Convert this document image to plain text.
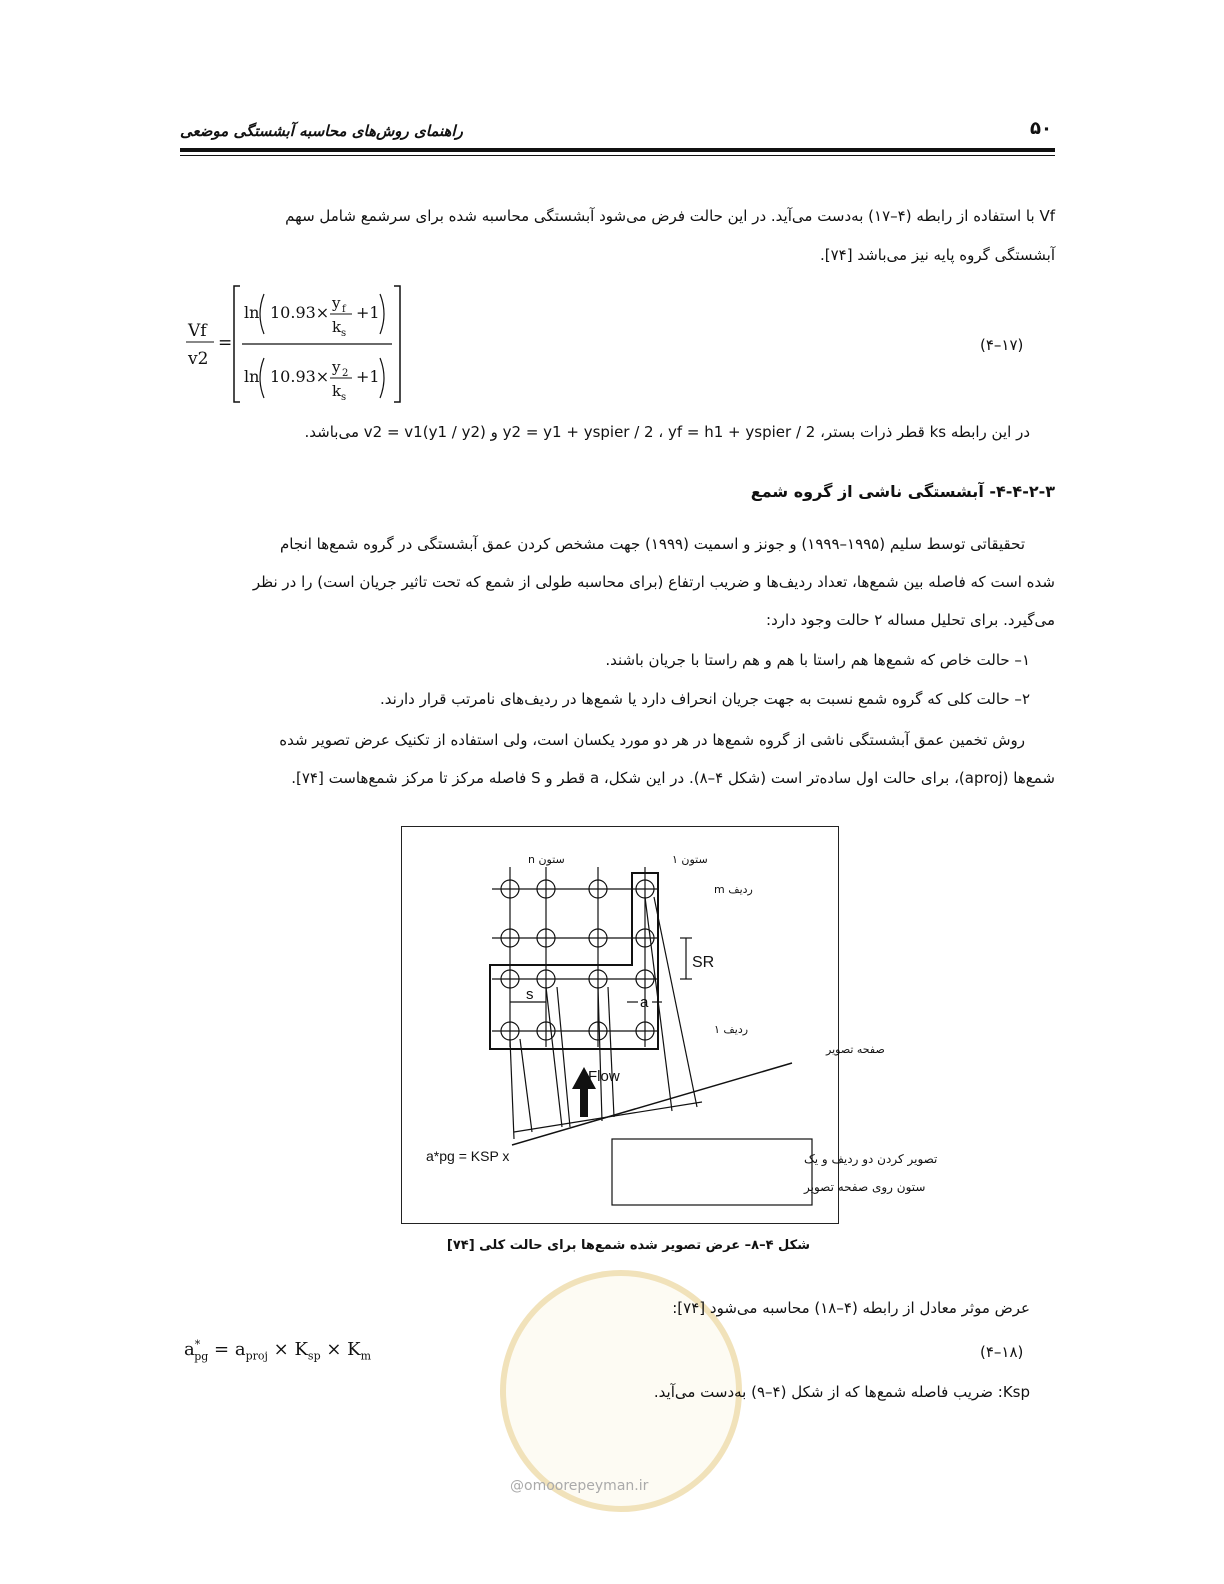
راهنمای روش‌های محاسبه آبشستگی موضعی	۵۰
Vf با استفاده از رابطه (۴–۱۷) به‌دست می‌آید. در این حالت فرض می‌شود آبشستگی محاسبه شده برای سرشمع شامل سهم
آبشستگی گروه پایه نیز می‌باشد [۷۴].
Vf
v2
=
ln 10.93× y f
k s
+1
ln 10.93× y 2
k s
+1
(۴–۱۷)
در این رابطه ks قطر ذرات بستر، y2 = y1 + yspier / 2 ، yf = h1 + yspier / 2 و v2 = v1(y1 / y2) می‌باشد.
۴-۴-۲-۳- آبشستگی ناشی از گروه شمع
تحقیقاتی توسط سلیم (۱۹۹۵–۱۹۹۹) و جونز و اسمیت (۱۹۹۹) جهت مشخص کردن عمق آبشستگی در گروه شمع‌ها انجام
شده است که فاصله بین شمع‌ها، تعداد ردیف‌ها و ضریب ارتفاع (برای محاسبه طولی از شمع که تحت تاثیر جریان است) را در نظر
می‌گیرد. برای تحلیل مساله ۲ حالت وجود دارد:
۱– حالت خاص که شمع‌ها هم راستا با هم و هم راستا با جریان باشند.
۲– حالت کلی که گروه شمع نسبت به جهت جریان انحراف دارد یا شمع‌ها در ردیف‌های نامرتب قرار دارند.
روش تخمین عمق آبشستگی ناشی از گروه شمع‌ها در هر دو مورد یکسان است، ولی استفاده از تکنیک عرض تصویر شده
شمع‌ها (aproj)، برای حالت اول ساده‌تر است (شکل ۴–۸). در این شکل، a قطر و S فاصله مرکز تا مرکز شمع‌هاست [۷۴].
Flow
s	a
SR
a*pg = KSP x
ستون n	ستون ۱
ردیف m
ردیف ۱
صفحه تصویر
تصویر کردن دو ردیف و یک
ستون روی صفحه تصویر
شکل ۴–۸– عرض تصویر شده شمع‌ها برای حالت کلی [۷۴]
@omoorepeyman.ir
عرض موثر معادل از رابطه (۴–۱۸) محاسبه می‌شود [۷۴]:
$a^*_{pg} = a_{proj} \times K_{sp} \times K_m$	(۴–۱۸)
Ksp: ضریب فاصله شمع‌ها که از شکل (۴–۹) به‌دست می‌آید.
